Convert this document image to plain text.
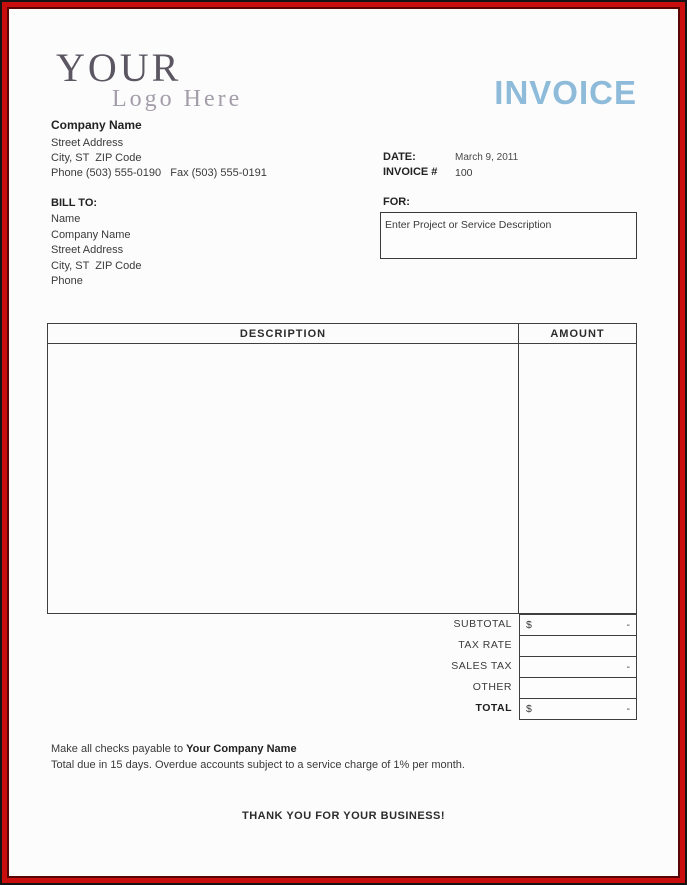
YOUR
Logo Here	INVOICE
Company Name
Street Address
City, ST  ZIP Code
Phone (503) 555-0190   Fax (503) 555-0191
DATE:	March 9, 2011
INVOICE # 100
BILL TO:
Name
Company Name
Street Address
City, ST  ZIP Code
Phone
FOR:
Enter Project or Service Description
DESCRIPTION	AMOUNT
SUBTOTAL $	-
TAX RATE
SALES TAX	-
OTHER
TOTAL $	-
Make all checks payable to Your Company Name
Total due in 15 days. Overdue accounts subject to a service charge of 1% per month.
THANK YOU FOR YOUR BUSINESS!
